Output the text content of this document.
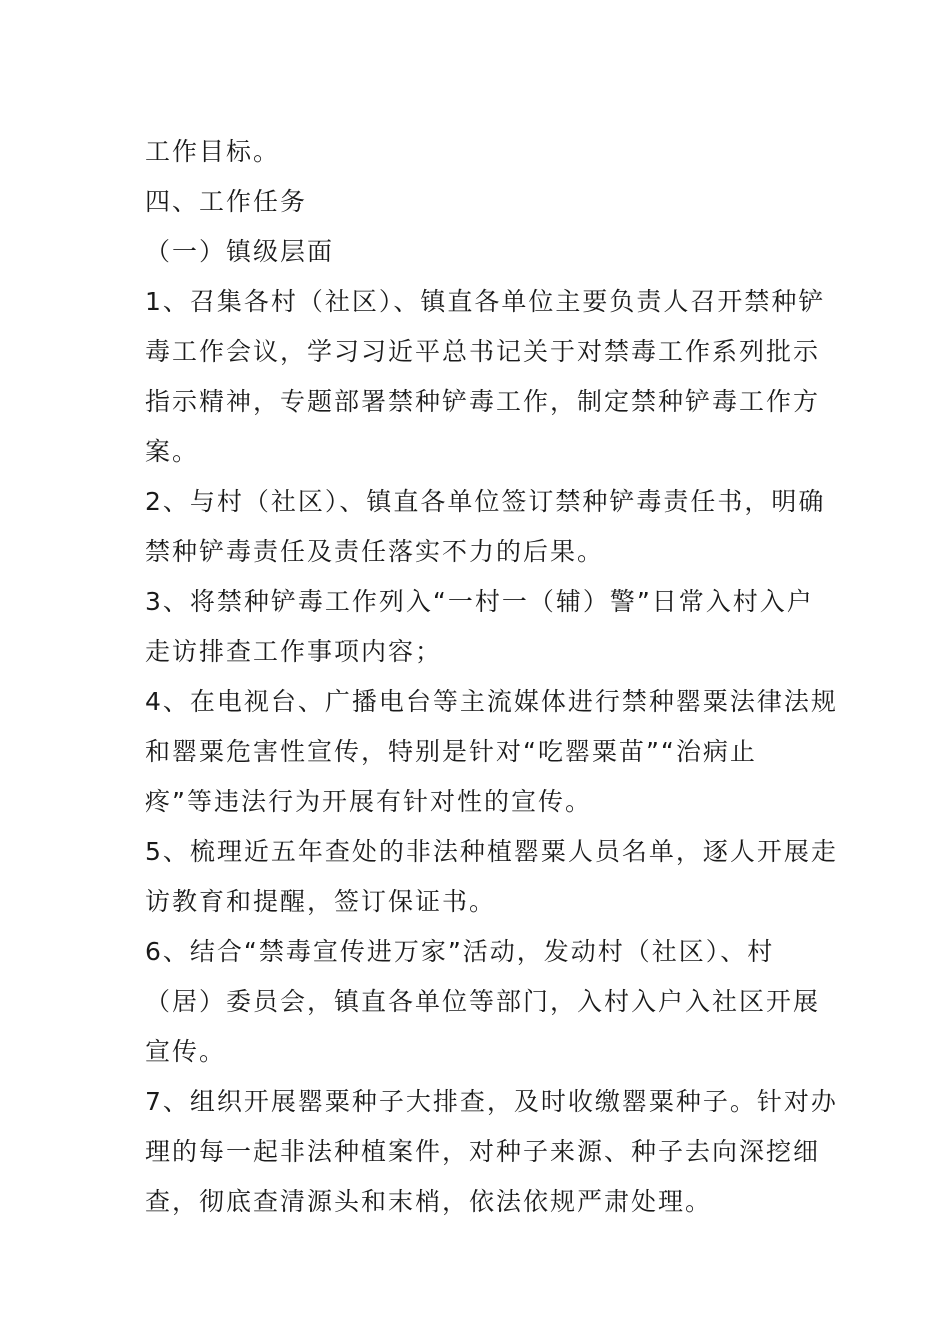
工作目标。

四、工作任务

（一）镇级层面

1、召集各村（社区）、镇直各单位主要负责人召开禁种铲
毒工作会议，学习习近平总书记关于对禁毒工作系列批示
指示精神，专题部署禁种铲毒工作，制定禁种铲毒工作方
案。

2、与村（社区）、镇直各单位签订禁种铲毒责任书，明确
禁种铲毒责任及责任落实不力的后果。

3、将禁种铲毒工作列入“一村一（辅）警”日常入村入户
走访排查工作事项内容；

4、在电视台、广播电台等主流媒体进行禁种罂粟法律法规
和罂粟危害性宣传，特别是针对“吃罂粟苗”“治病止
疼”等违法行为开展有针对性的宣传。

5、梳理近五年查处的非法种植罂粟人员名单，逐人开展走
访教育和提醒，签订保证书。

6、结合“禁毒宣传进万家”活动，发动村（社区）、村
（居）委员会，镇直各单位等部门，入村入户入社区开展
宣传。

7、组织开展罂粟种子大排查，及时收缴罂粟种子。针对办
理的每一起非法种植案件，对种子来源、种子去向深挖细
查，彻底查清源头和末梢，依法依规严肃处理。
